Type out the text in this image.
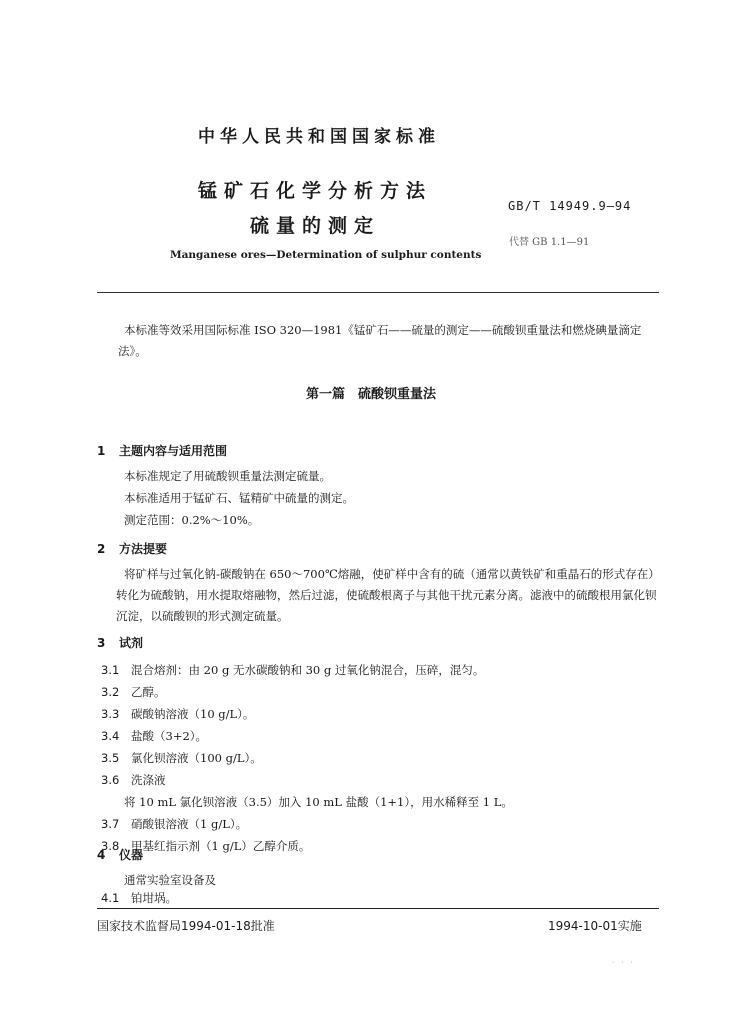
中华人民共和国国家标准
锰矿石化学分析方法
硫量的测定
Manganese ores—Determination of sulphur contents
GB/T 14949.9—94
代替 GB 1.1—91
本标准等效采用国际标准 ISO 320—1981《锰矿石——硫量的测定——硫酸钡重量法和燃烧碘量滴定法》。
第一篇　硫酸钡重量法
1 主题内容与适用范围
本标准规定了用硫酸钡重量法测定硫量。
本标准适用于锰矿石、锰精矿中硫量的测定。
测定范围：0.2%～10%。
2 方法提要
将矿样与过氧化钠-碳酸钠在 650～700℃熔融，使矿样中含有的硫（通常以黄铁矿和重晶石的形式存在）转化为硫酸钠，用水提取熔融物，然后过滤，使硫酸根离子与其他干扰元素分离。滤液中的硫酸根用氯化钡沉淀，以硫酸钡的形式测定硫量。
3 试剂
3.1 混合熔剂：由 20 g 无水碳酸钠和 30 g 过氧化钠混合，压碎，混匀。
3.2 乙醇。
3.3 碳酸钠溶液（10 g/L）。
3.4 盐酸（3+2）。
3.5 氯化钡溶液（100 g/L）。
3.6 洗涤液
将 10 mL 氯化钡溶液（3.5）加入 10 mL 盐酸（1+1），用水稀释至 1 L。
3.7 硝酸银溶液（1 g/L）。
3.8 甲基红指示剂（1 g/L）乙醇介质。
4 仪器
通常实验室设备及
4.1 铂坩埚。
国家技术监督局1994-01-18批准	1994-10-01实施
· · ·
